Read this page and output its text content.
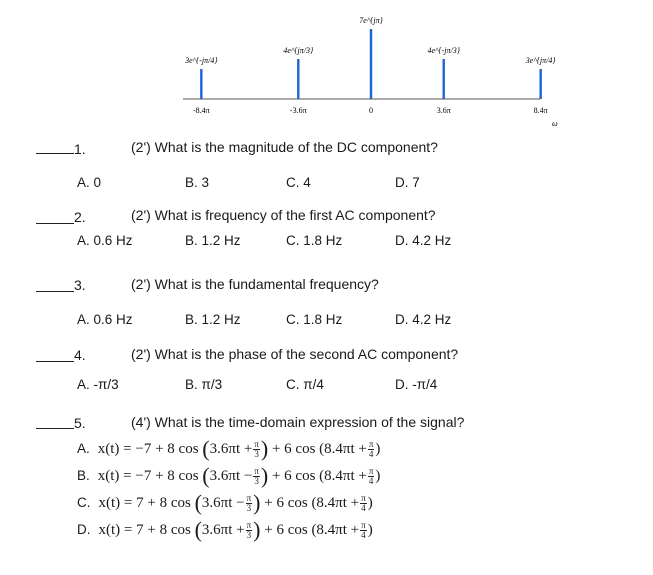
3e^{-jπ/4}
-8.4π
4e^{jπ/3}
-3.6π
7e^{jπ}
0
4e^{-jπ/3}
3.6π
3e^{jπ/4}
8.4π
ω
1.	(2') What is the magnitude of the DC component?
A. 0	B. 3	C. 4	D. 7
2.	(2') What is frequency of the first AC component?
A. 0.6 Hz	B. 1.2 Hz	C. 1.8 Hz	D. 4.2 Hz
3.	(2') What is the fundamental frequency?
A. 0.6 Hz	B. 1.2 Hz	C. 1.8 Hz	D. 4.2 Hz
4.	(2') What is the phase of the second AC component?
A. -π/3	B. π/3	C. π/4	D. -π/4
5.	(4') What is the time-domain expression of the signal?
A. x(t) = −7 + 8 $\cos (3.6\pi t + \frac{\pi}{3}$ ) + 6 $\cos (8.4\pi t + \frac{\pi}{4}$ )
B. x(t) = −7 + 8 $\cos (3.6\pi t - \frac{\pi}{3}$ ) + 6 $\cos (8.4\pi t + \frac{\pi}{4}$ )
C. x(t) = 7 + 8 $\cos (3.6\pi t - \frac{\pi}{3}$ ) + 6 $\cos (8.4\pi t + \frac{\pi}{4}$ )
D. x(t) = 7 + 8 $\cos (3.6\pi t + \frac{\pi}{3}$ ) + 6 $\cos (8.4\pi t + \frac{\pi}{4}$ )
